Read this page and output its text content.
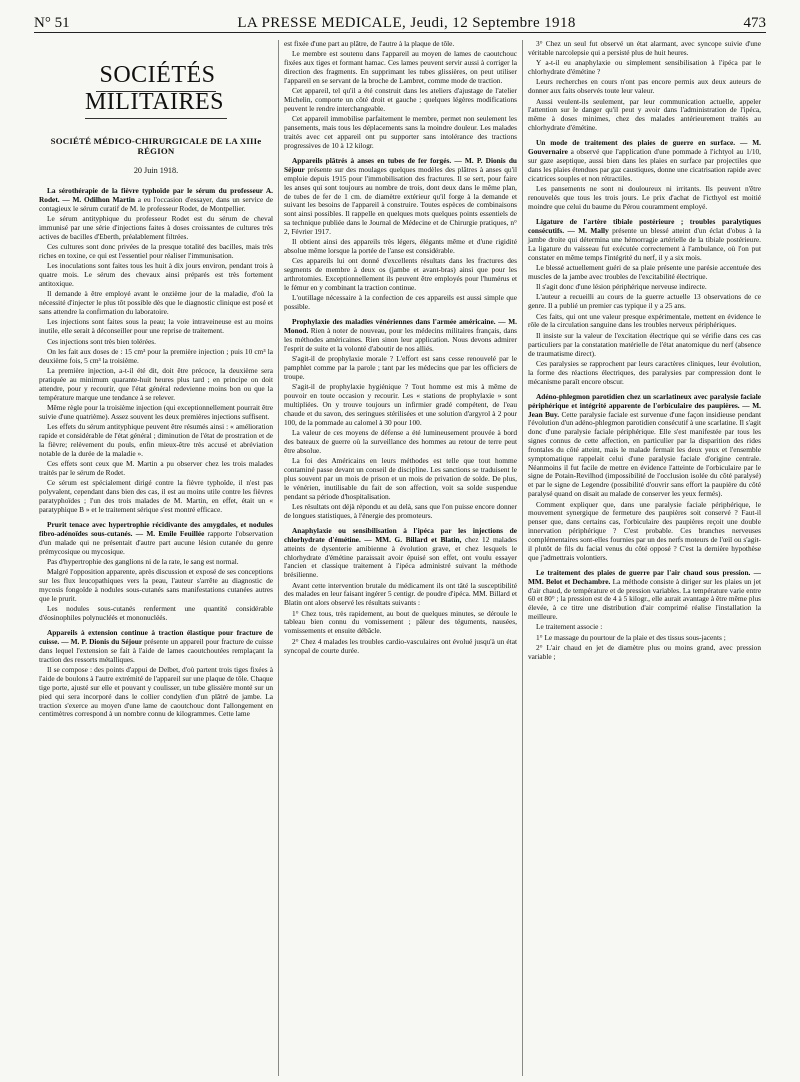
N° 51	LA PRESSE MEDICALE, Jeudi, 12 Septembre 1918	473
SOCIÉTÉS MILITAIRES
SOCIÉTÉ MÉDICO-CHIRURGICALE DE LA XIIIe RÉGION
20 Juin 1918.

La sérothérapie de la fièvre typhoïde par le sérum du professeur A. Rodet. — M. Odilhon Martin a eu l'occasion d'essayer, dans un service de contagieux le sérum curatif de M. le professeur Rodet, de Montpellier.

Le sérum antityphique du professeur Rodet est du sérum de cheval immunisé par une série d'injections faites à doses croissantes de cultures très actives de bacilles d'Eberth, préalablement filtrées.

Ces cultures sont donc privées de la presque totalité des bacilles, mais très riches en toxine, ce qui est l'essentiel pour réaliser l'immunisation.

Les inoculations sont faites tous les huit à dix jours environ, pendant trois à quatre mois. Le sérum des chevaux ainsi préparés est très fortement antitoxique.

Il demande à être employé avant le onzième jour de la maladie, d'où la nécessité d'injecter le plus tôt possible dès que le diagnostic clinique est posé et sans attendre la confirmation du laboratoire.

Les injections sont faites sous la peau; la voie intraveineuse est au moins inutile, elle serait à déconseiller pour une reprise de traitement.

Ces injections sont très bien tolérées.

On les fait aux doses de : 15 cm³ pour la première injection ; puis 10 cm³ la deuxième fois, 5 cm³ la troisième.

La première injection, a-t-il été dit, doit être précoce, la deuxième sera pratiquée au minimum quarante-huit heures plus tard ; en principe on doit attendre, pour y recourir, que l'état général redevienne moins bon ou que la température marque une tendance à se relever.

Même règle pour la troisième injection (qui exceptionnellement pourrait être suivie d'une quatrième). Assez souvent les deux premières injections suffisent.

Les effets du sérum antityphique peuvent être résumés ainsi : « amélioration rapide et considérable de l'état général ; diminution de l'état de prostration et de la fièvre; relèvement du pouls, enfin mieux-être très accusé et abréviation notable de la durée de la maladie ».

Ces effets sont ceux que M. Martin a pu observer chez les trois malades traités par le sérum de Rodet.

Ce sérum est spécialement dirigé contre la fièvre typhoïde, il n'est pas polyvalent, cependant dans bien des cas, il est au moins utile contre les fièvres paratyphoïdes ; l'un des trois malades de M. Martin, en effet, était un « paratyphique B » et le traitement sérique s'est montré efficace.

Prurit tenace avec hypertrophie récidivante des amygdales, et nodules fibro-adénoïdes sous-cutanés. — M. Emile Feuillée rapporte l'observation d'un malade qui ne présentait d'autre part aucune lésion cutanée du genre prémycosique ou mycosique.

Pas d'hypertrophie des ganglions ni de la rate, le sang est normal.

Malgré l'opposition apparente, après discussion et exposé de ses conceptions sur les flux leucopathiques vers la peau, l'auteur s'arrête au diagnostic de mycosis fongoïde à nodules sous-cutanés sans manifestations cutanées autres que le prurit.

Les nodules sous-cutanés renferment une quantité considérable d'éosinophiles polynucléés et mononucléés.

Appareils à extension continue à traction élastique pour fracture de cuisse. — M. P. Dionis du Séjour présente un appareil pour fracture de cuisse dans lequel l'extension se fait à l'aide de lames caoutchoutées remplaçant la traction des ressorts métalliques.

Il se compose : des points d'appui de Delbet, d'où partent trois tiges fixées à l'aide de boulons à l'autre extrémité de l'appareil sur une plaque de tôle. Chaque tige porte, ajusté sur elle et pouvant y coulisser, un tube glissière monté sur un pied qui sera incorporé dans le collier condylien d'un plâtré de jambe. La traction s'exerce au moyen d'une lame de caoutchouc dont l'allongement en centimètres correspond à un nombre connu de kilogrammes. Cette lame

est fixée d'une part au plâtre, de l'autre à la plaque de tôle.

Le membre est soutenu dans l'appareil au moyen de lames de caoutchouc fixées aux tiges et formant hamac. Ces lames peuvent servir aussi à corriger la direction des fragments. En supprimant les tubes glissières, on peut utiliser l'appareil en se servant de la broche de Lambret, comme mode de traction.

Cet appareil, tel qu'il a été construit dans les ateliers d'ajustage de l'atelier Michelin, comporte un côté droit et gauche ; quelques légères modifications peuvent le rendre interchangeable.

Cet appareil immobilise parfaitement le membre, permet non seulement les pansements, mais tous les déplacements sans la moindre douleur. Les malades traités avec cet appareil ont pu supporter sans intolérance des tractions progressives de 10 à 12 kilogr.

Appareils plâtrés à anses en tubes de fer forgés. — M. P. Dionis du Séjour présente sur des moulages quelques modèles des plâtres à anses qu'il emploie depuis 1915 pour l'immobilisation des fractures. Il se sert, pour faire les anses qui sont toujours au nombre de trois, dont deux dans le même plan, de tubes de fer de 1 cm. de diamètre extérieur qu'il forge à la demande et suivant les besoins de l'appareil à construire. Toutes espèces de combinaisons sont ainsi possibles. Il rappelle en quelques mots quelques points essentiels de sa technique publiée dans le Journal de Médecine et de Chirurgie pratiques, n° 2, Février 1917.

Il obtient ainsi des appareils très légers, élégants même et d'une rigidité absolue même lorsque la portée de l'anse est considérable.

Ces appareils lui ont donné d'excellents résultats dans les fractures des segments de membre à deux os (jambe et avant-bras) ainsi que pour les arthrotomies. Exceptionnellement ils peuvent être employés pour l'humérus et le fémur en y combinant la traction continue.

L'outillage nécessaire à la confection de ces appareils est aussi simple que possible.

Prophylaxie des maladies vénériennes dans l'armée américaine. — M. Monod. Rien à noter de nouveau, pour les médecins militaires français, dans les méthodes américaines. Rien sinon leur application. Nous devons admirer l'esprit de suite et la volonté d'aboutir de nos alliés.

S'agit-il de prophylaxie morale ? L'effort est sans cesse renouvelé par le pamphlet comme par la parole ; tant par les médecins que par les officiers de troupe.

S'agit-il de prophylaxie hygiénique ? Tout homme est mis à même de pouvoir en toute occasion y recourir. Les « stations de prophylaxie » sont multipliées. On y trouve toujours un infirmier gradé compétent, de l'eau chaude et du savon, des seringues stérilisées et une solution d'argyrol à 2 pour 100, de la pommade au calomel à 30 pour 100.

La valeur de ces moyens de défense a été lumineusement prouvée à bord des bateaux de guerre où la surveillance des hommes au retour de terre peut être absolue.

La foi des Américains en leurs méthodes est telle que tout homme contaminé passe devant un conseil de discipline. Les sanctions se traduisent le plus souvent par un mois de prison et un mois de privation de solde. De plus, le vénérien, inutilisable du fait de son affection, voit sa solde suspendue pendant sa période d'hospitalisation.

Les résultats ont déjà répondu et au delà, sans que l'on puisse encore donner de longues statistiques, à l'énergie des promoteurs.

Anaphylaxie ou sensibilisation à l'ipéca par les injections de chlorhydrate d'émétine. — MM. G. Billard et Blatin, chez 12 malades atteints de dysenterie amibienne à évolution grave, et chez lesquels le chlorhydrate d'émétine paraissait avoir épuisé son effet, ont voulu essayer l'ancien et classique traitement à l'ipéca administré suivant la méthode brésilienne.

Avant cette intervention brutale du médicament ils ont tâté la susceptibilité des malades en leur faisant ingérer 5 centigr. de poudre d'ipéca. MM. Billard et Blatin ont alors observé les résultats suivants :

1° Chez tous, très rapidement, au bout de quelques minutes, se déroule le tableau bien connu du vomissement ; pâleur des téguments, nausées, vomissements et ensuite débâcle.

2° Chez 4 malades les troubles cardio-vasculaires ont évolué jusqu'à un état syncopal de courte durée.

3° Chez un seul fut observé un état alarmant, avec syncope suivie d'une véritable narcolepsie qui a persisté plus de huit heures.

Y a-t-il eu anaphylaxie ou simplement sensibilisation à l'ipéca par le chlorhydrate d'émétine ?

Leurs recherches en cours n'ont pas encore permis aux deux auteurs de donner aux faits observés toute leur valeur.

Aussi veulent-ils seulement, par leur communication actuelle, appeler l'attention sur le danger qu'il peut y avoir dans l'administration de l'ipéca, même à doses minimes, chez des malades antérieurement traités au chlorhydrate d'émétine.

Un mode de traitement des plaies de guerre en surface. — M. Gouvernaire a observé que l'application d'une pommade à l'ichtyol au 1/10, sur gaze aseptique, aussi bien dans les plaies en surface par projectiles que dans les plaies étendues par gaz caustiques, donne une cicatrisation rapide avec cicatrices souples et non rétractiles.

Les pansements ne sont ni douloureux ni irritants. Ils peuvent n'être renouvelés que tous les trois jours. Le prix d'achat de l'icthyol est moitié moindre que celui du baume du Pérou couramment employé.

Ligature de l'artère tibiale postérieure ; troubles paralytiques consécutifs. — M. Mally présente un blessé atteint d'un éclat d'obus à la jambe droite qui détermina une hémorragie artérielle de la tibiale postérieure. La ligature du vaisseau fut exécutée correctement à l'ambulance, où l'on put constater en même temps l'intégrité du nerf, il y a six mois.

Le blessé actuellement guéri de sa plaie présente une parésie accentuée des muscles de la jambe avec troubles de l'excitabilité électrique.

Il s'agit donc d'une lésion périphérique nerveuse indirecte.

L'auteur a recueilli au cours de la guerre actuelle 13 observations de ce genre. Il a publié un premier cas typique il y a 25 ans.

Ces faits, qui ont une valeur presque expérimentale, mettent en évidence le rôle de la circulation sanguine dans les troubles nerveux périphériques.

Il insiste sur la valeur de l'excitation électrique qui se vérifie dans ces cas particuliers par la constatation matérielle de l'état anatomique du nerf (absence de traumatisme direct).

Ces paralysies se rapprochent par leurs caractères cliniques, leur évolution, la forme des réactions électriques, des paralysies par compression dont le mécanisme paraît encore obscur.

Adéno-phlegmon parotidien chez un scarlatineux avec paralysie faciale périphérique et intégrité apparente de l'orbiculaire des paupières. — M. Jean Buy. Cette paralysie faciale est survenue d'une façon insidieuse pendant l'évolution d'un adéno-phlegmon parotidien consécutif à une scarlatine. Il s'agit donc d'une paralysie faciale périphérique. Elle s'est manifestée par tous les signes connus de cette affection, en particulier par la disparition des rides frontales du côté atteint, mais le malade fermait les deux yeux et l'ensemble symptomatique rappelait celui d'une paralysie faciale d'origine centrale. Néanmoins il fut facile de mettre en évidence l'atteinte de l'orbiculaire par le signe de Potain-Revilhod (impossibilité de l'occlusion isolée du côté paralysé) et par le signe de Legendre (possibilité d'ouvrir sans effort la paupière du côté paralysé quand on disait au malade de conserver les yeux fermés).

Comment expliquer que, dans une paralysie faciale périphérique, le mouvement synergique de fermeture des paupières soit conservé ? Faut-il penser que, dans certains cas, l'orbiculaire des paupières reçoit une double innervation périphérique ? C'est probable. Ces branches nerveuses complémentaires sont-elles fournies par un des nerfs moteurs de l'œil ou s'agit-il plutôt de fils du facial venus du côté opposé ? C'est la dernière hypothèse que j'admettrais volontiers.

Le traitement des plaies de guerre par l'air chaud sous pression. — MM. Belot et Dechambre. La méthode consiste à diriger sur les plaies un jet d'air chaud, de température et de pression variables. La température varie entre 60 et 80° ; la pression est de 4 à 5 kilogr., elle aurait avantage à être même plus élevée, à ce titre une distribution d'air comprimé réalise l'installation la meilleure.

Le traitement associe :

1° Le massage du pourtour de la plaie et des tissus sous-jacents ;

2° L'air chaud en jet de diamètre plus ou moins grand, avec pression variable ;
